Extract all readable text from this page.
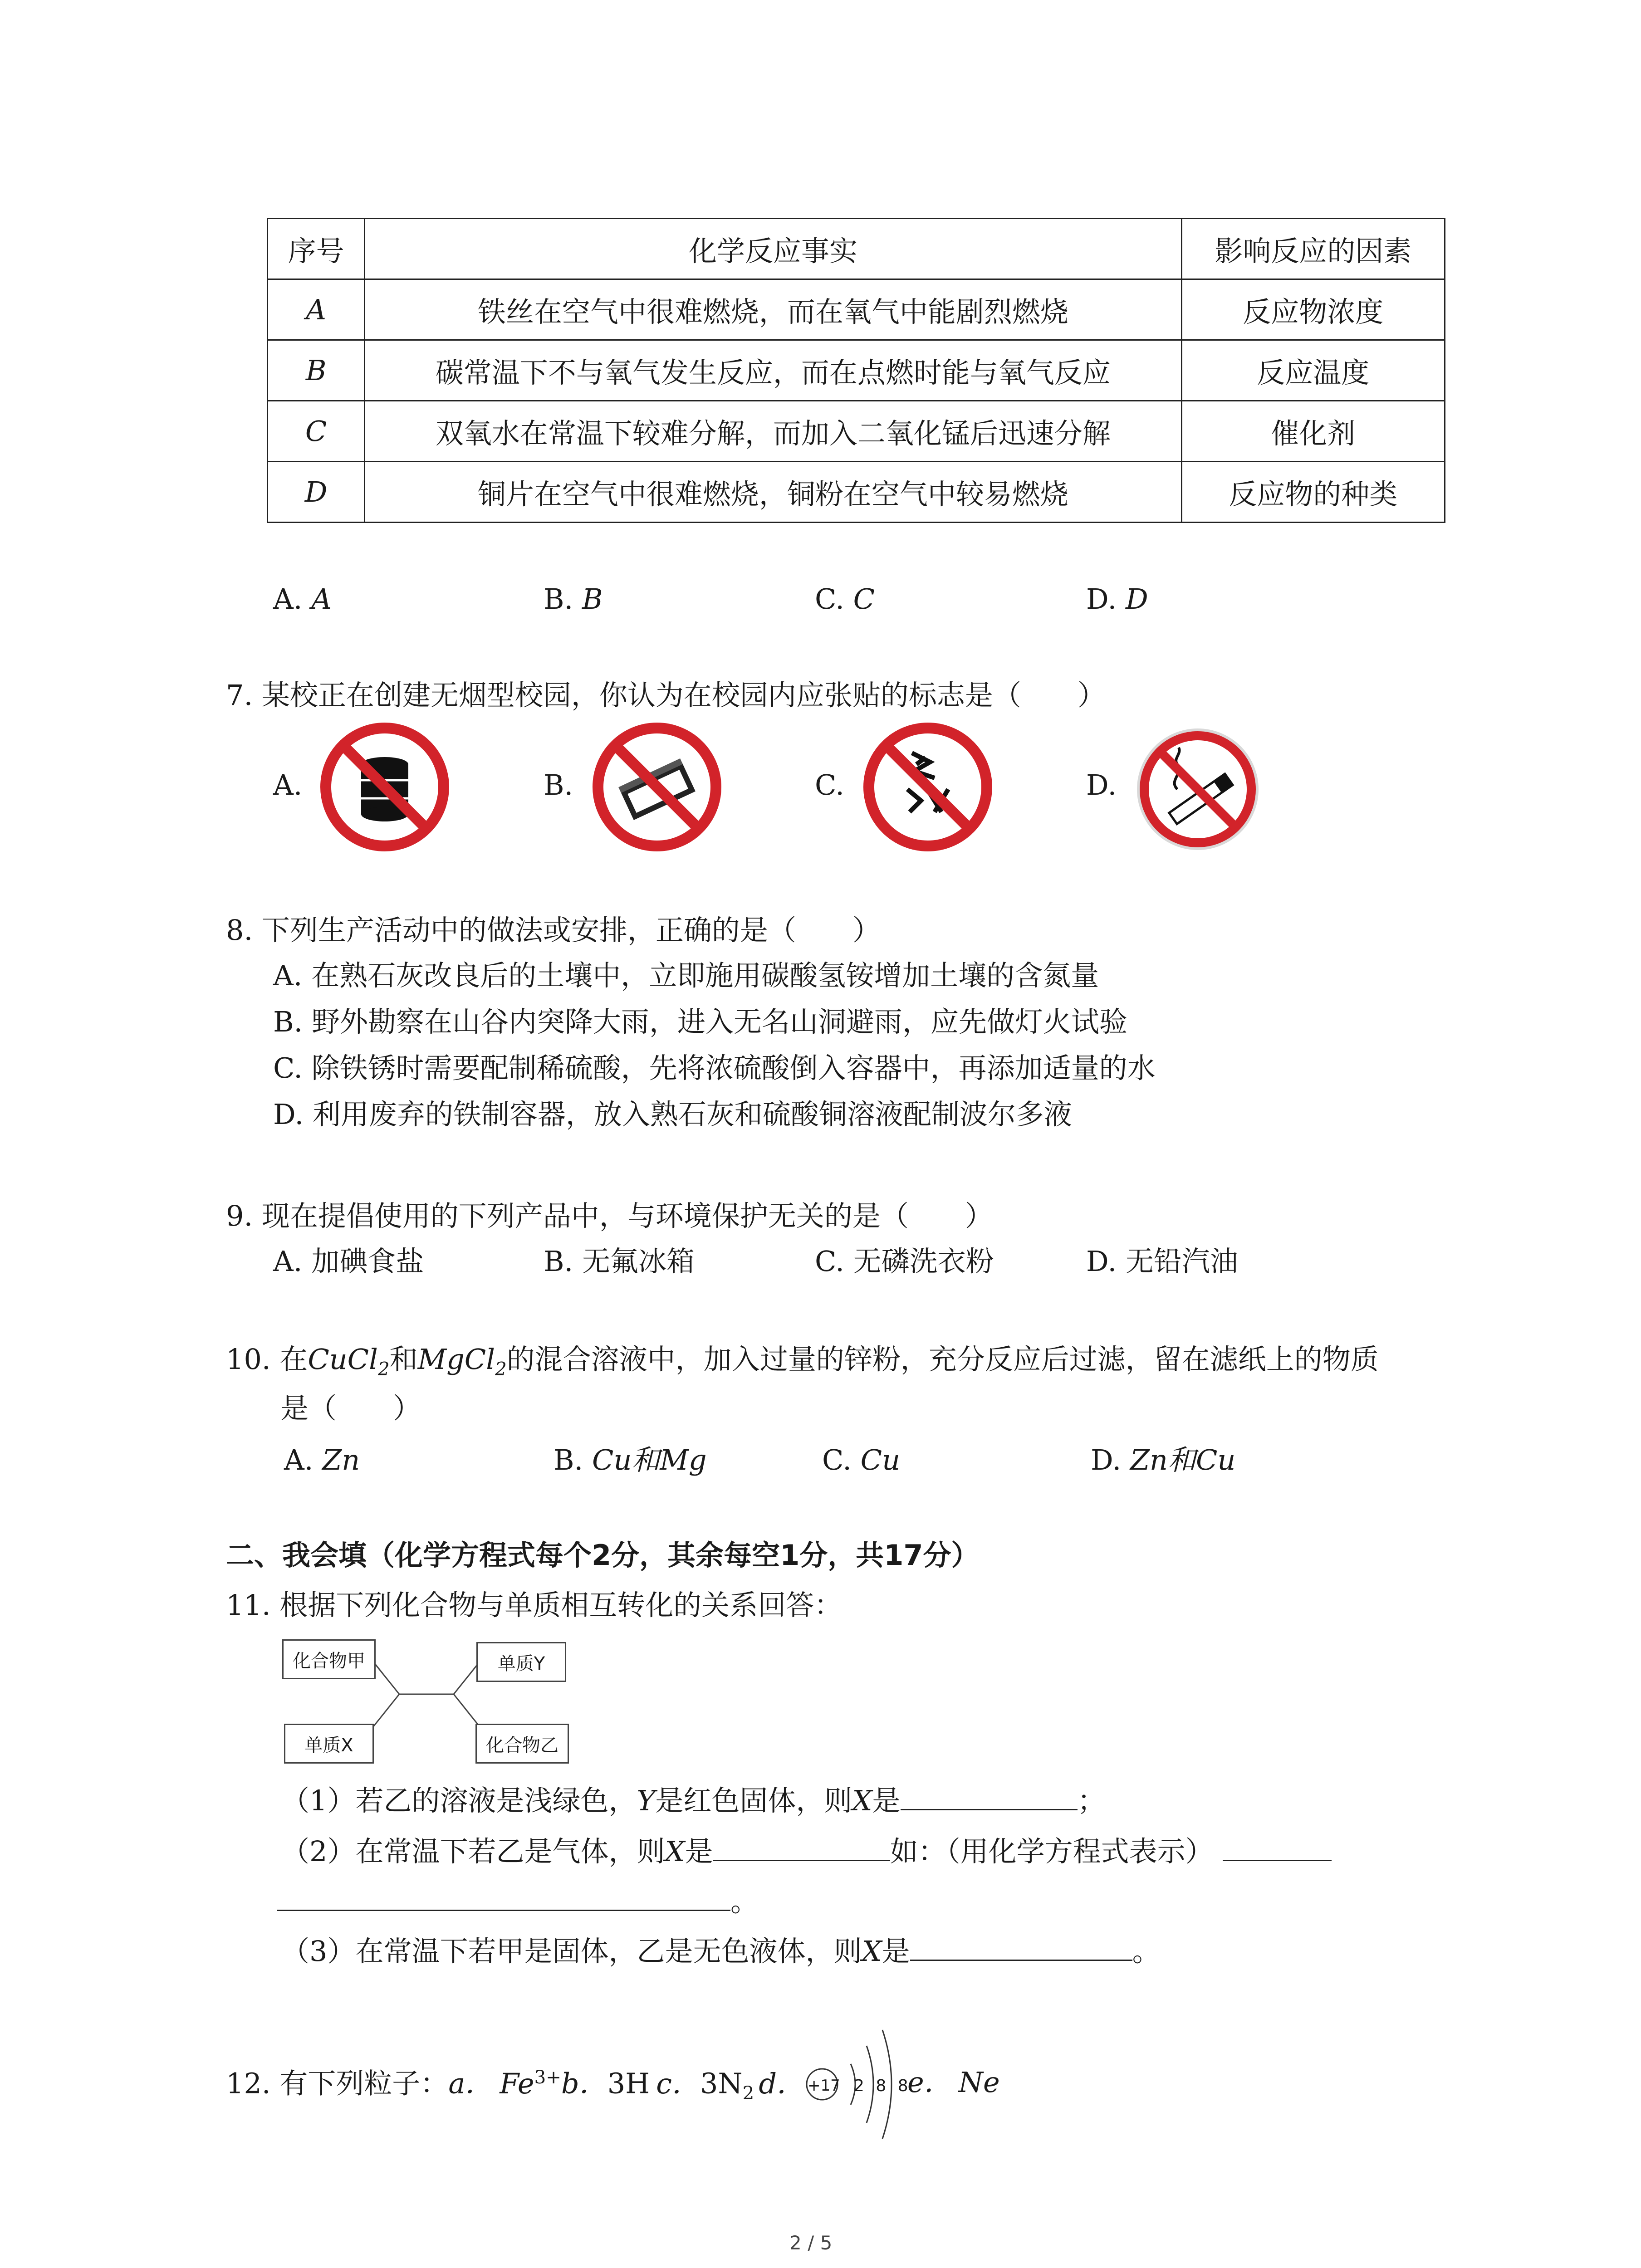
序号	化学反应事实	影响反应的因素
A	铁丝在空气中很难燃烧，而在氧气中能剧烈燃烧	反应物浓度
B	碳常温下不与氧气发生反应，而在点燃时能与氧气反应	反应温度
C	双氧水在常温下较难分解，而加入二氧化锰后迅速分解	催化剂
D	铜片在空气中很难燃烧，铜粉在空气中较易燃烧	反应物的种类
A. A	B. B	C. C	D. D
7. 某校正在创建无烟型校园，你认为在校园内应张贴的标志是（　　）
A.	B.	C.	D.
8. 下列生产活动中的做法或安排，正确的是（　　）
A. 在熟石灰改良后的土壤中，立即施用碳酸氢铵增加土壤的含氮量
B. 野外勘察在山谷内突降大雨，进入无名山洞避雨，应先做灯火试验
C. 除铁锈时需要配制稀硫酸，先将浓硫酸倒入容器中，再添加适量的水
D. 利用废弃的铁制容器，放入熟石灰和硫酸铜溶液配制波尔多液
9. 现在提倡使用的下列产品中，与环境保护无关的是（　　）
A. 加碘食盐	B. 无氟冰箱	C. 无磷洗衣粉	D. 无铅汽油
10. 在CuCl$_2$和MgCl$_2$的混合溶液中，加入过量的锌粉，充分反应后过滤，留在滤纸上的物质
是（　　）
A. Zn	B. Cu和Mg	C. Cu	D. Zn和Cu
二、我会填（化学方程式每个2分，其余每空1分，共17分）
11. 根据下列化合物与单质相互转化的关系回答：
化合物甲	单质Y
单质X	化合物乙
（1）若乙的溶液是浅绿色，Y是红色固体，则X是	；
（2）在常温下若乙是气体，则X是	如：（用化学方程式表示）
。
（3）在常温下若甲是固体，乙是无色液体，则X是	。
12. 有下列粒子：a． $Fe^{3+}b$．3H c．$3N_2$ d． +17 2 8 8
e． Ne
2 / 5
